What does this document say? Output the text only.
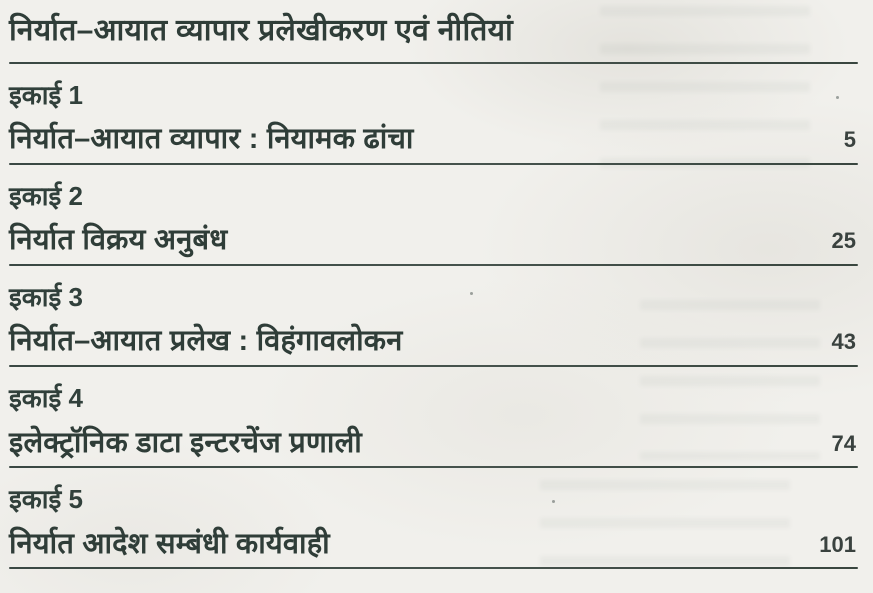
निर्यात–आयात व्यापार प्रलेखीकरण एवं नीतियां
इकाई 1
निर्यात–आयात व्यापार : नियामक ढांचा	5
इकाई 2
निर्यात विक्रय अनुबंध	25
इकाई 3
निर्यात–आयात प्रलेख : विहंगावलोकन	43
इकाई 4
इलेक्ट्रॉनिक डाटा इन्टरचेंज प्रणाली	74
इकाई 5
निर्यात आदेश सम्बंधी कार्यवाही	101
